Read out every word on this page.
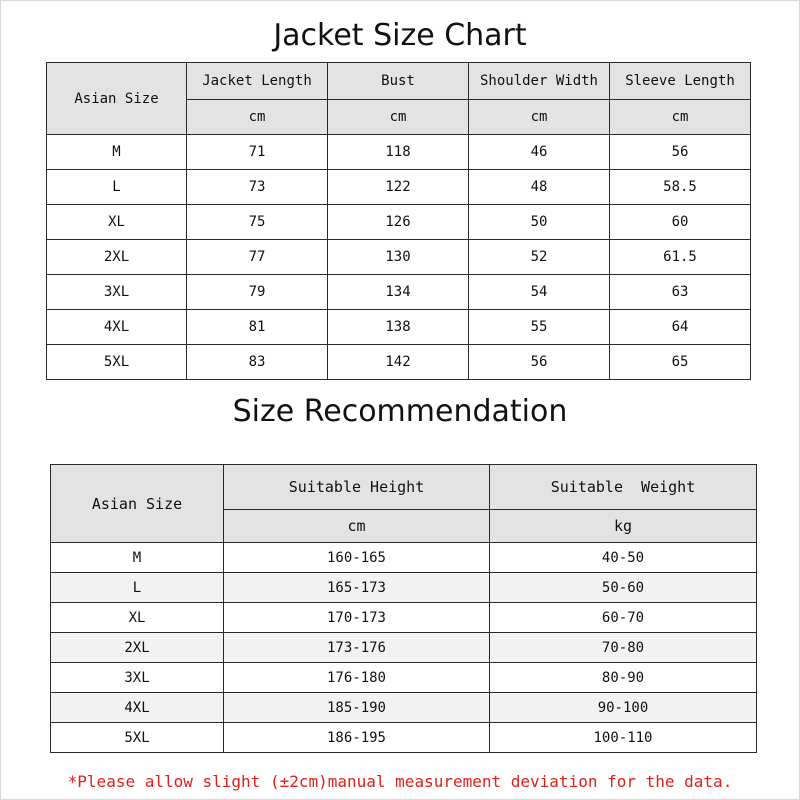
Jacket Size Chart
Asian Size	Jacket Length	Bust	Shoulder Width	Sleeve Length
	cm	cm	cm	cm
M	71	118	46	56
L	73	122	48	58.5
XL	75	126	50	60
2XL	77	130	52	61.5
3XL	79	134	54	63
4XL	81	138	55	64
5XL	83	142	56	65
Size Recommendation
Asian Size	Suitable Height	Suitable  Weight
	cm	kg
M	160-165	40-50
L	165-173	50-60
XL	170-173	60-70
2XL	173-176	70-80
3XL	176-180	80-90
4XL	185-190	90-100
5XL	186-195	100-110
*Please allow slight (±2cm)manual measurement deviation for the data.
